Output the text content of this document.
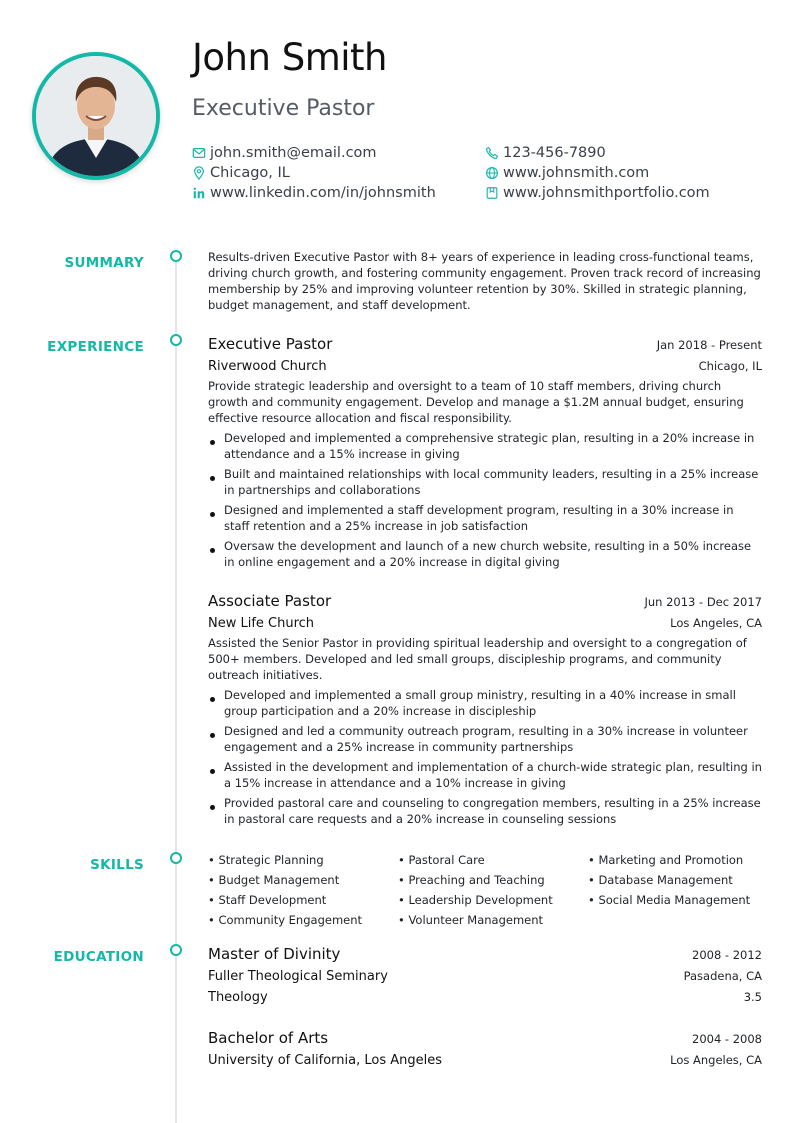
John Smith
Executive Pastor
john.smith@email.com
Chicago, IL
www.linkedin.com/in/johnsmith
123-456-7890
www.johnsmith.com
www.johnsmithportfolio.com
SUMMARY	Results-driven Executive Pastor with 8+ years of experience in leading cross-functional teams, driving church growth, and fostering community engagement. Proven track record of increasing membership by 25% and improving volunteer retention by 30%. Skilled in strategic planning, budget management, and staff development.
EXPERIENCE	Executive Pastor	Jan 2018 - Present
Riverwood Church	Chicago, IL
Provide strategic leadership and oversight to a team of 10 staff members, driving church growth and community engagement. Develop and manage a $1.2M annual budget, ensuring effective resource allocation and fiscal responsibility.
Developed and implemented a comprehensive strategic plan, resulting in a 20% increase in attendance and a 15% increase in giving
Built and maintained relationships with local community leaders, resulting in a 25% increase in partnerships and collaborations
Designed and implemented a staff development program, resulting in a 30% increase in staff retention and a 25% increase in job satisfaction
Oversaw the development and launch of a new church website, resulting in a 50% increase in online engagement and a 20% increase in digital giving
Associate Pastor	Jun 2013 - Dec 2017
New Life Church	Los Angeles, CA
Assisted the Senior Pastor in providing spiritual leadership and oversight to a congregation of 500+ members. Developed and led small groups, discipleship programs, and community outreach initiatives.
Developed and implemented a small group ministry, resulting in a 40% increase in small group participation and a 20% increase in discipleship
Designed and led a community outreach program, resulting in a 30% increase in volunteer engagement and a 25% increase in community partnerships
Assisted in the development and implementation of a church-wide strategic plan, resulting in a 15% increase in attendance and a 10% increase in giving
Provided pastoral care and counseling to congregation members, resulting in a 25% increase in pastoral care requests and a 20% increase in counseling sessions
SKILLS	• Strategic Planning	• Pastoral Care	• Marketing and Promotion
• Budget Management	• Preaching and Teaching	• Database Management
• Staff Development	• Leadership Development	• Social Media Management
• Community Engagement	• Volunteer Management
EDUCATION	Master of Divinity	2008 - 2012
Fuller Theological Seminary	Pasadena, CA
Theology	3.5
Bachelor of Arts	2004 - 2008
University of California, Los Angeles	Los Angeles, CA
